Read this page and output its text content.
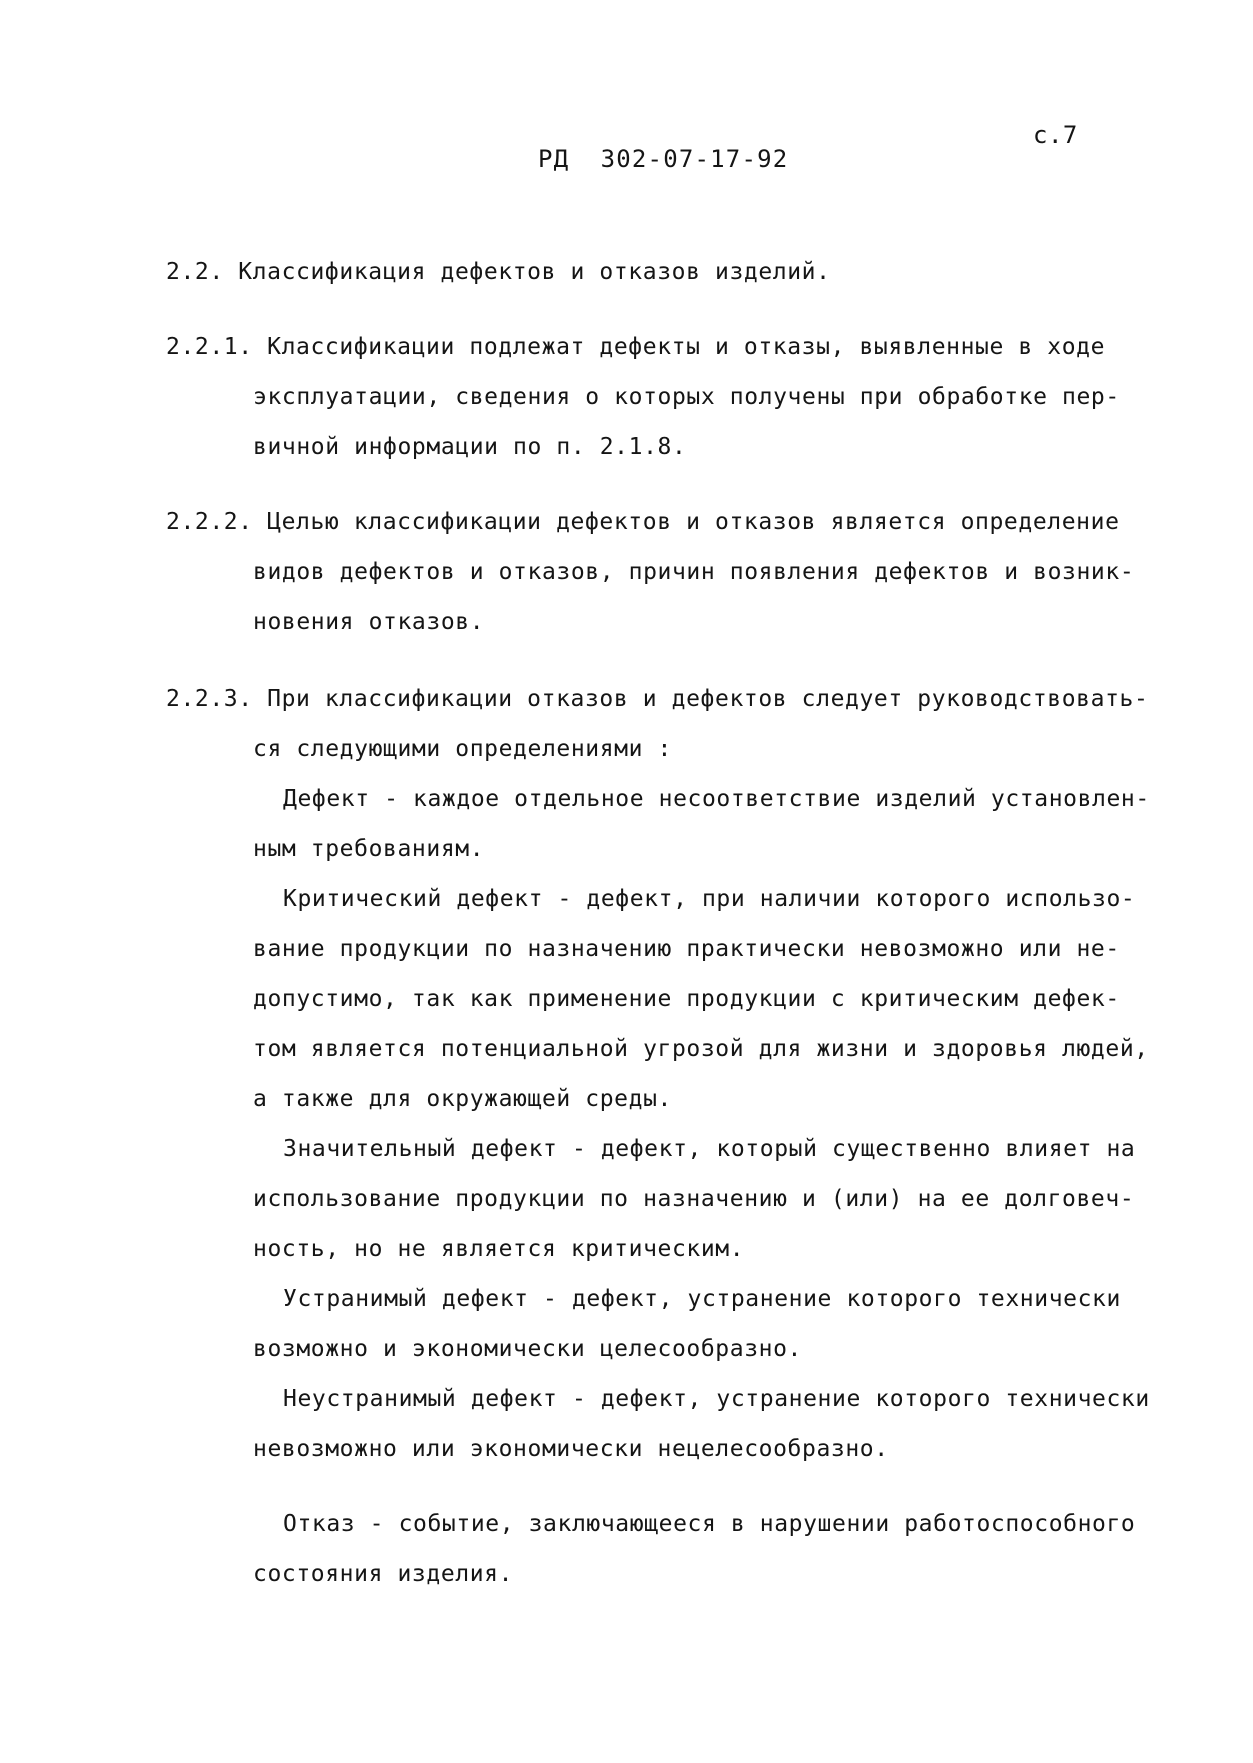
РД  302-07-17-92
с.7
2.2. Классификация дефектов и отказов изделий.
2.2.1. Классификации подлежат дефекты и отказы, выявленные в ходе
эксплуатации, сведения о которых получены при обработке пер-
вичной информации по п. 2.1.8.
2.2.2. Целью классификации дефектов и отказов является определение
видов дефектов и отказов, причин появления дефектов и возник-
новения отказов.
2.2.3. При классификации отказов и дефектов следует руководствовать-
ся следующими определениями :
Дефект - каждое отдельное несоответствие изделий установлен-
ным требованиям.
Критический дефект - дефект, при наличии которого использо-
вание продукции по назначению практически невозможно или не-
допустимо, так как применение продукции с критическим дефек-
том является потенциальной угрозой для жизни и здоровья людей,
а также для окружающей среды.
Значительный дефект - дефект, который существенно влияет на
использование продукции по назначению и (или) на ее долговеч-
ность, но не является критическим.
Устранимый дефект - дефект, устранение которого технически
возможно и экономически целесообразно.
Неустранимый дефект - дефект, устранение которого технически
невозможно или экономически нецелесообразно.
Отказ - событие, заключающееся в нарушении работоспособного
состояния изделия.
